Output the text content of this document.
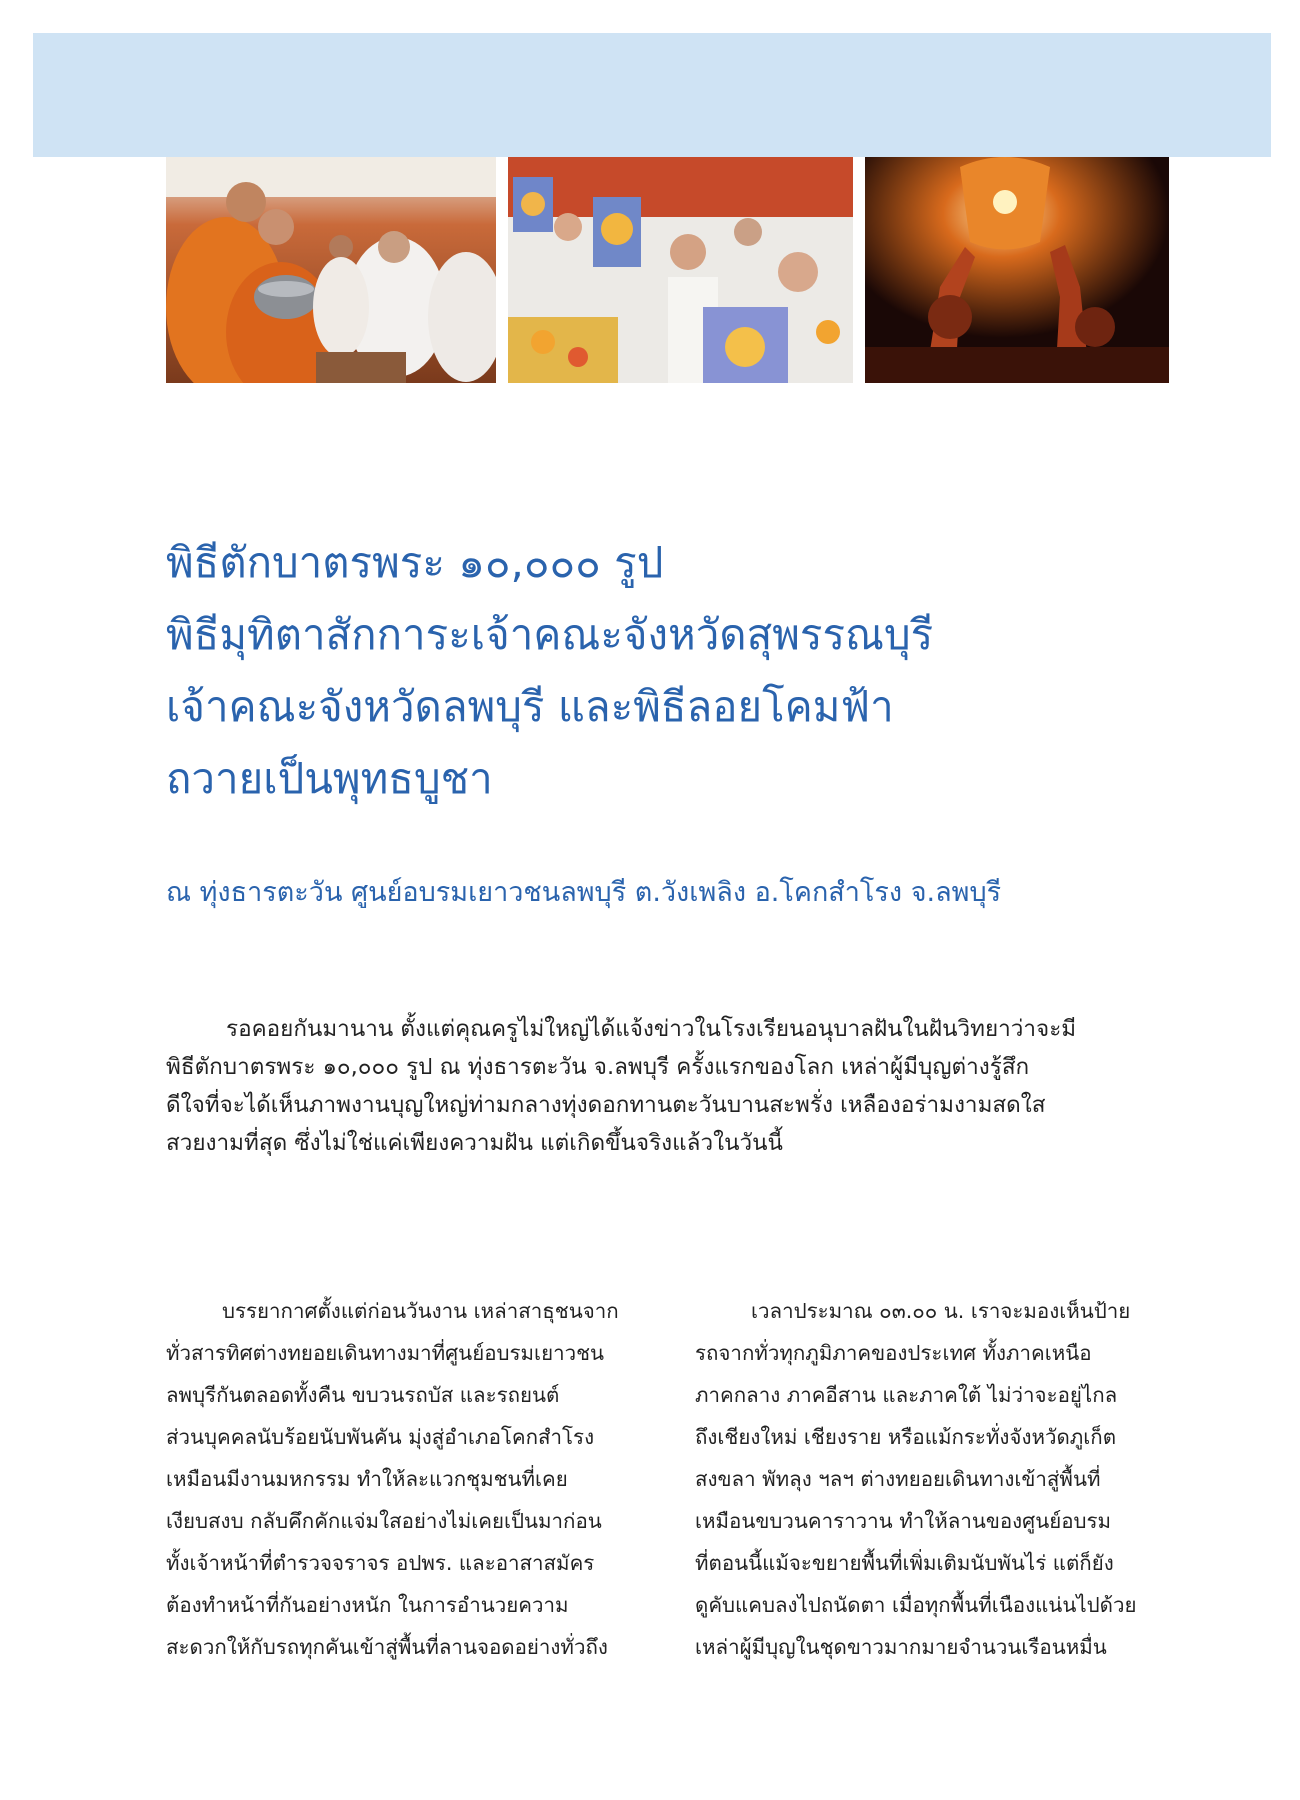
พิธีตักบาตรพระ ๑๐,๐๐๐ รูป
พิธีมุทิตาสักการะเจ้าคณะจังหวัดสุพรรณบุรี
เจ้าคณะจังหวัดลพบุรี และพิธีลอยโคมฟ้า
ถวายเป็นพุทธบูชา
ณ ทุ่งธารตะวัน ศูนย์อบรมเยาวชนลพบุรี ต.วังเพลิง อ.โคกสำโรง จ.ลพบุรี
รอคอยกันมานาน ตั้งแต่คุณครูไม่ใหญ่ได้แจ้งข่าวในโรงเรียนอนุบาลฝันในฝันวิทยาว่าจะมี
พิธีตักบาตรพระ ๑๐,๐๐๐ รูป ณ ทุ่งธารตะวัน จ.ลพบุรี ครั้งแรกของโลก เหล่าผู้มีบุญต่างรู้สึก
ดีใจที่จะได้เห็นภาพงานบุญใหญ่ท่ามกลางทุ่งดอกทานตะวันบานสะพรั่ง เหลืองอร่ามงามสดใส
สวยงามที่สุด ซึ่งไม่ใช่แค่เพียงความฝัน แต่เกิดขึ้นจริงแล้วในวันนี้
บรรยากาศตั้งแต่ก่อนวันงาน เหล่าสาธุชนจาก
ทั่วสารทิศต่างทยอยเดินทางมาที่ศูนย์อบรมเยาวชน
ลพบุรีกันตลอดทั้งคืน ขบวนรถบัส และรถยนต์
ส่วนบุคคลนับร้อยนับพันคัน มุ่งสู่อำเภอโคกสำโรง
เหมือนมีงานมหกรรม ทำให้ละแวกชุมชนที่เคย
เงียบสงบ กลับคึกคักแจ่มใสอย่างไม่เคยเป็นมาก่อน
ทั้งเจ้าหน้าที่ตำรวจจราจร อปพร. และอาสาสมัคร
ต้องทำหน้าที่กันอย่างหนัก ในการอำนวยความ
สะดวกให้กับรถทุกคันเข้าสู่พื้นที่ลานจอดอย่างทั่วถึง
เวลาประมาณ ๐๓.๐๐ น. เราจะมองเห็นป้าย
รถจากทั่วทุกภูมิภาคของประเทศ ทั้งภาคเหนือ
ภาคกลาง ภาคอีสาน และภาคใต้ ไม่ว่าจะอยู่ไกล
ถึงเชียงใหม่ เชียงราย หรือแม้กระทั่งจังหวัดภูเก็ต
สงขลา พัทลุง ฯลฯ ต่างทยอยเดินทางเข้าสู่พื้นที่
เหมือนขบวนคาราวาน ทำให้ลานของศูนย์อบรม
ที่ตอนนี้แม้จะขยายพื้นที่เพิ่มเติมนับพันไร่ แต่ก็ยัง
ดูคับแคบลงไปถนัดตา เมื่อทุกพื้นที่เนืองแน่นไปด้วย
เหล่าผู้มีบุญในชุดขาวมากมายจำนวนเรือนหมื่น
